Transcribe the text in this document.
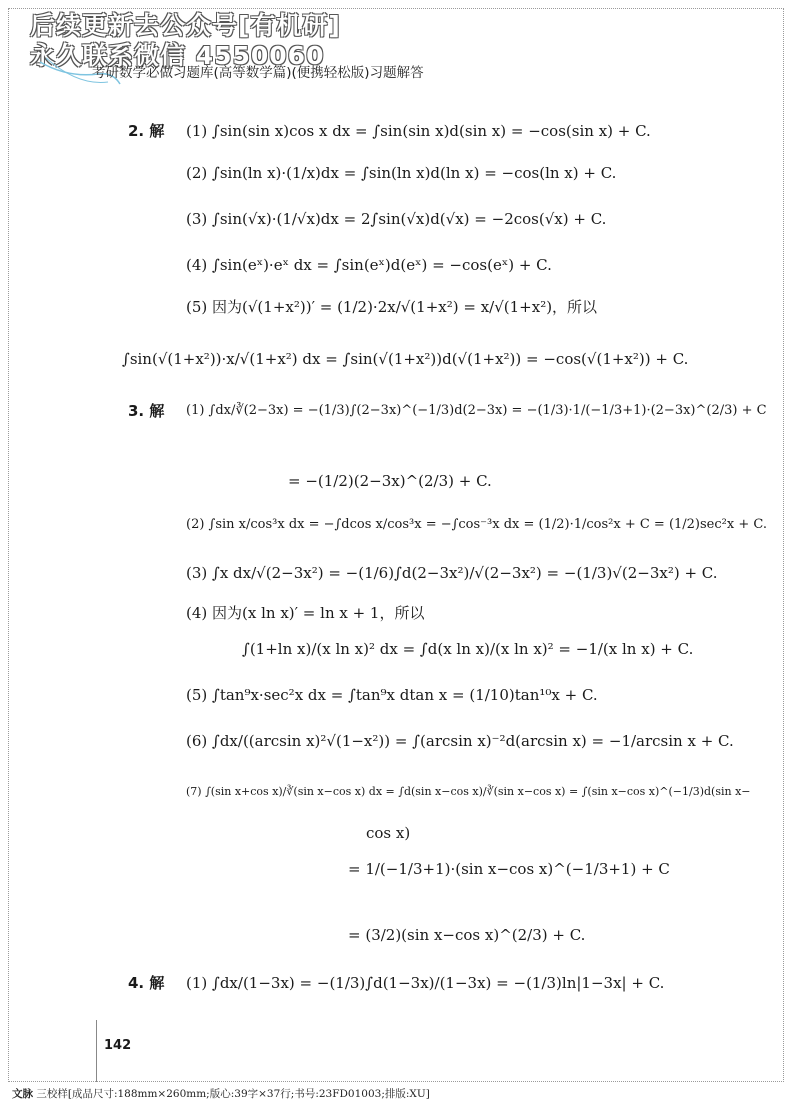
后续更新去公众号[有机研]
永久联系微信 4550060
考研数学必做习题库(高等数学篇)(便携轻松版)习题解答
2. 解 (1) ∫sin(sin x)cos x dx = ∫sin(sin x)d(sin x) = −cos(sin x) + C.
(2) ∫sin(ln x)·(1/x)dx = ∫sin(ln x)d(ln x) = −cos(ln x) + C.
(3) ∫sin(√x)·(1/√x)dx = 2∫sin(√x)d(√x) = −2cos(√x) + C.
(4) ∫sin(eˣ)·eˣ dx = ∫sin(eˣ)d(eˣ) = −cos(eˣ) + C.
(5) 因为(√(1+x²))′ = (1/2)·2x/√(1+x²) = x/√(1+x²)，所以
∫sin(√(1+x²))·x/√(1+x²) dx = ∫sin(√(1+x²))d(√(1+x²)) = −cos(√(1+x²)) + C.
3. 解 (1) ∫dx/∛(2−3x) = −(1/3)∫(2−3x)^(−1/3)d(2−3x) = −(1/3)·1/(−1/3+1)·(2−3x)^(2/3) + C
= −(1/2)(2−3x)^(2/3) + C.
(2) ∫sin x/cos³x dx = −∫dcos x/cos³x = −∫cos⁻³x dx = (1/2)·1/cos²x + C = (1/2)sec²x + C.
(3) ∫x dx/√(2−3x²) = −(1/6)∫d(2−3x²)/√(2−3x²) = −(1/3)√(2−3x²) + C.
(4) 因为(x ln x)′ = ln x + 1，所以
∫(1+ln x)/(x ln x)² dx = ∫d(x ln x)/(x ln x)² = −1/(x ln x) + C.
(5) ∫tan⁹x·sec²x dx = ∫tan⁹x dtan x = (1/10)tan¹⁰x + C.
(6) ∫dx/((arcsin x)²√(1−x²)) = ∫(arcsin x)⁻²d(arcsin x) = −1/arcsin x + C.
(7) ∫(sin x+cos x)/∛(sin x−cos x) dx = ∫d(sin x−cos x)/∛(sin x−cos x) = ∫(sin x−cos x)^(−1/3)d(sin x−
cos x)
= 1/(−1/3+1)·(sin x−cos x)^(−1/3+1) + C
= (3/2)(sin x−cos x)^(2/3) + C.
4. 解 (1) ∫dx/(1−3x) = −(1/3)∫d(1−3x)/(1−3x) = −(1/3)ln|1−3x| + C.
142
文脉 三校样[成品尺寸:188mm×260mm;版心:39字×37行;书号:23FD01003;排版:XU]
